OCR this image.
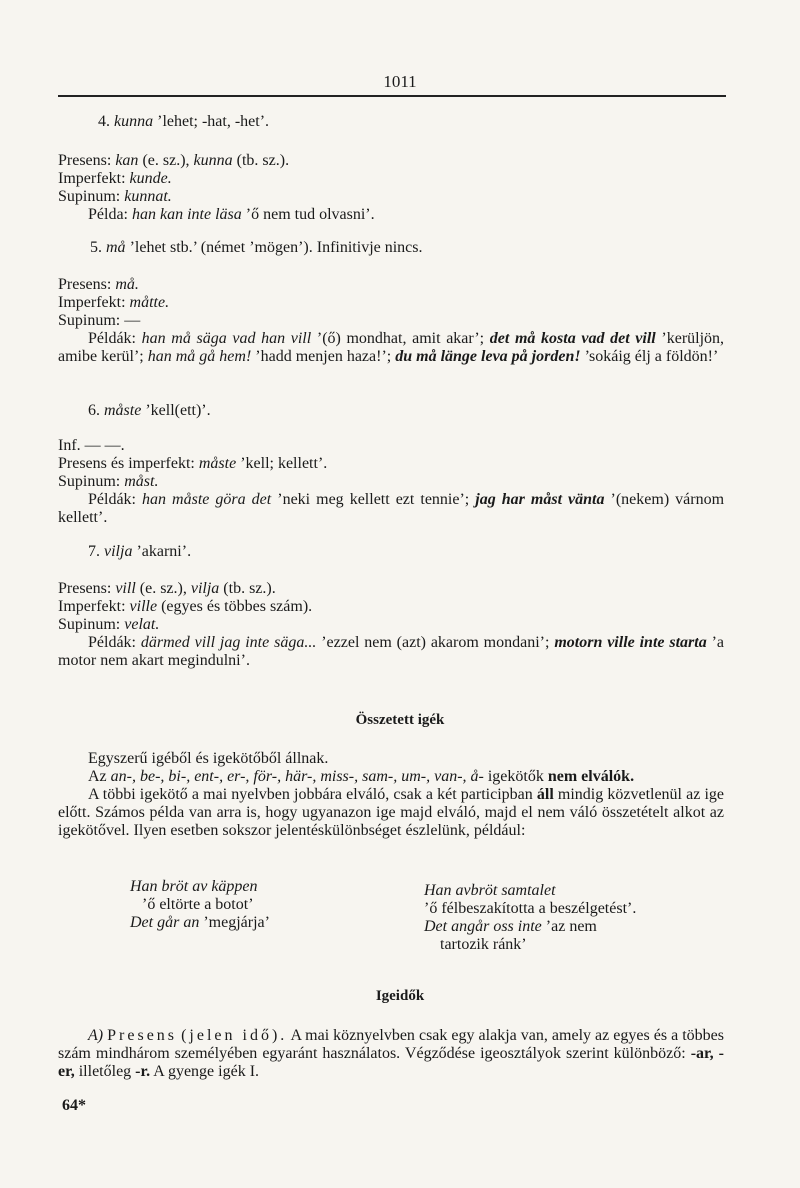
1011
4. kunna ’lehet; -hat, -het’.
Presens: kan (e. sz.), kunna (tb. sz.).
Imperfekt: kunde.
Supinum: kunnat.
Példa: han kan inte läsa ’ő nem tud olvasni’.
5. må ’lehet stb.’ (német ’mögen’). Infinitivje nincs.
Presens: må.
Imperfekt: måtte.
Supinum: —
Példák: han må säga vad han vill ’(ő) mondhat, amit akar’; det må kosta vad det vill ’kerüljön, amibe kerül’; han må gå hem! ’hadd menjen haza!’; du må länge leva på jorden! ’sokáig élj a földön!’
6. måste ’kell(ett)’.
Inf. — —.
Presens és imperfekt: måste ’kell; kellett’.
Supinum: måst.
Példák: han måste göra det ’neki meg kellett ezt tennie’; jag har måst vänta ’(nekem) várnom kellett’.
7. vilja ’akarni’.
Presens: vill (e. sz.), vilja (tb. sz.).
Imperfekt: ville (egyes és többes szám).
Supinum: velat.
Példák: därmed vill jag inte säga... ’ezzel nem (azt) akarom mondani’; motorn ville inte starta ’a motor nem akart megindulni’.
Összetett igék
Egyszerű igéből és igekötőből állnak.
Az an-, be-, bi-, ent-, er-, för-, här-, miss-, sam-, um-, van-, å- igekötők nem elválók.
A többi igekötő a mai nyelvben jobbára elváló, csak a két participban áll mindig közvetlenül az ige előtt. Számos példa van arra is, hogy ugyanazon ige majd elváló, majd el nem váló összetételt alkot az igekötővel. Ilyen esetben sokszor jelentéskülönbséget észlelünk, például:
Han bröt av käppen
’ő eltörte a botot’
Det går an ’megjárja’
Han avbröt samtalet
’ő félbeszakította a beszélgetést’.
Det angår oss inte ’az nem
tartozik ránk’
Igeidők
A) Presens (jelen idő). A mai köznyelvben csak egy alakja van, amely az egyes és a többes szám mindhárom személyében egyaránt használatos. Végződése igeosztályok szerint különböző: -ar, -er, illetőleg -r. A gyenge igék I.
64*
